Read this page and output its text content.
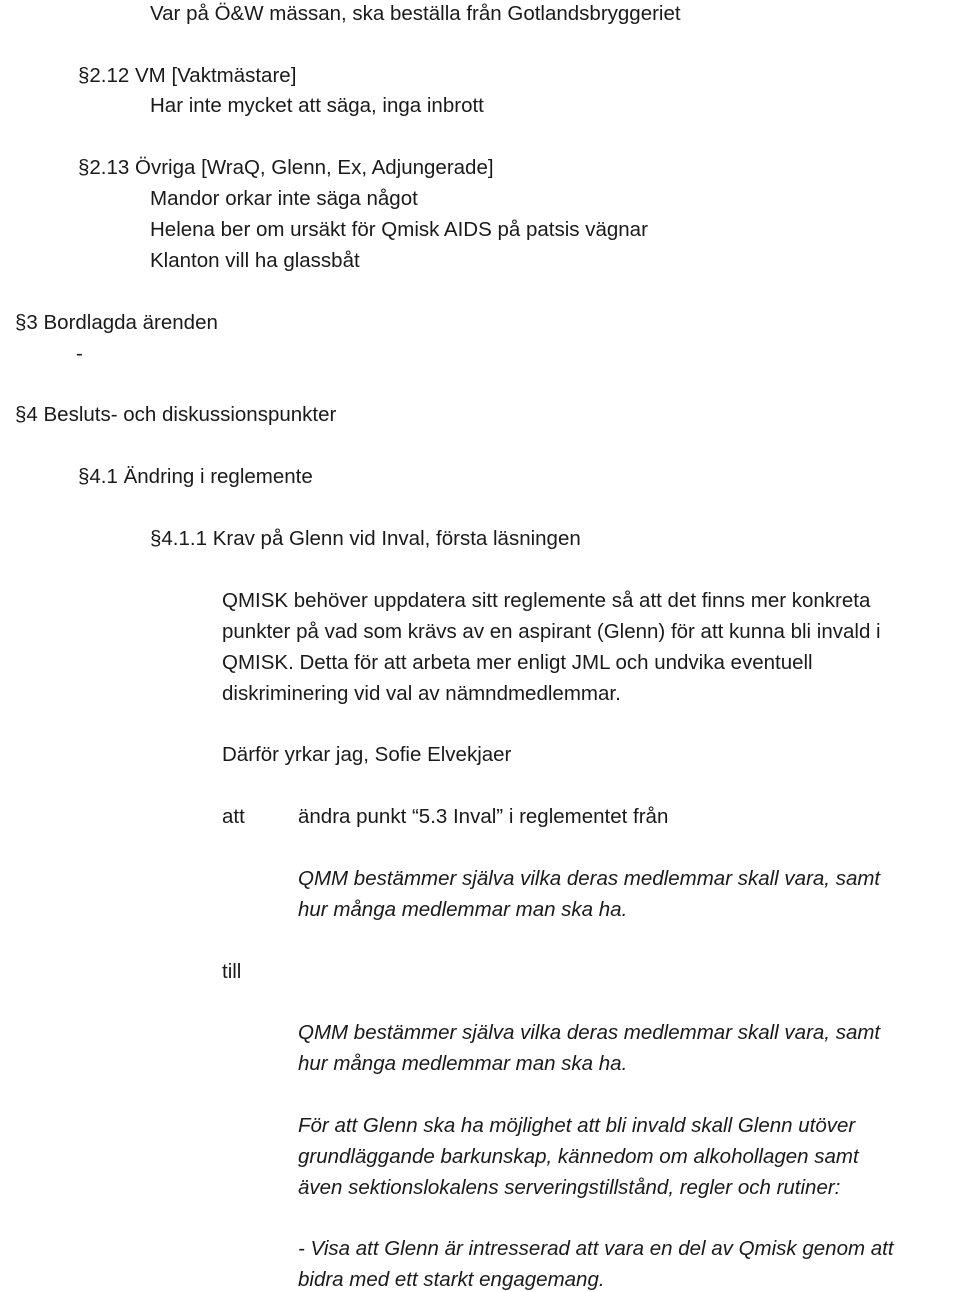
Var på Ö&W mässan, ska beställa från Gotlandsbryggeriet
§2.12 VM [Vaktmästare]
Har inte mycket att säga, inga inbrott
§2.13 Övriga [WraQ, Glenn, Ex, Adjungerade]
Mandor orkar inte säga något
Helena ber om ursäkt för Qmisk AIDS på patsis vägnar
Klanton vill ha glassbåt
§3 Bordlagda ärenden
-
§4 Besluts- och diskussionspunkter
§4.1 Ändring i reglemente
§4.1.1 Krav på Glenn vid Inval, första läsningen
QMISK behöver uppdatera sitt reglemente så att det finns mer konkreta
punkter på vad som krävs av en aspirant (Glenn) för att kunna bli invald i
QMISK. Detta för att arbeta mer enligt JML och undvika eventuell
diskriminering vid val av nämndmedlemmar.
Därför yrkar jag, Sofie Elvekjaer
att	ändra punkt “5.3 Inval” i reglementet från
QMM bestämmer själva vilka deras medlemmar skall vara, samt
hur många medlemmar man ska ha.
till
QMM bestämmer själva vilka deras medlemmar skall vara, samt
hur många medlemmar man ska ha.
För att Glenn ska ha möjlighet att bli invald skall Glenn utöver
grundläggande barkunskap, kännedom om alkohollagen samt
även sektionslokalens serveringstillstånd, regler och rutiner:
- Visa att Glenn är intresserad att vara en del av Qmisk genom att
bidra med ett starkt engagemang.
